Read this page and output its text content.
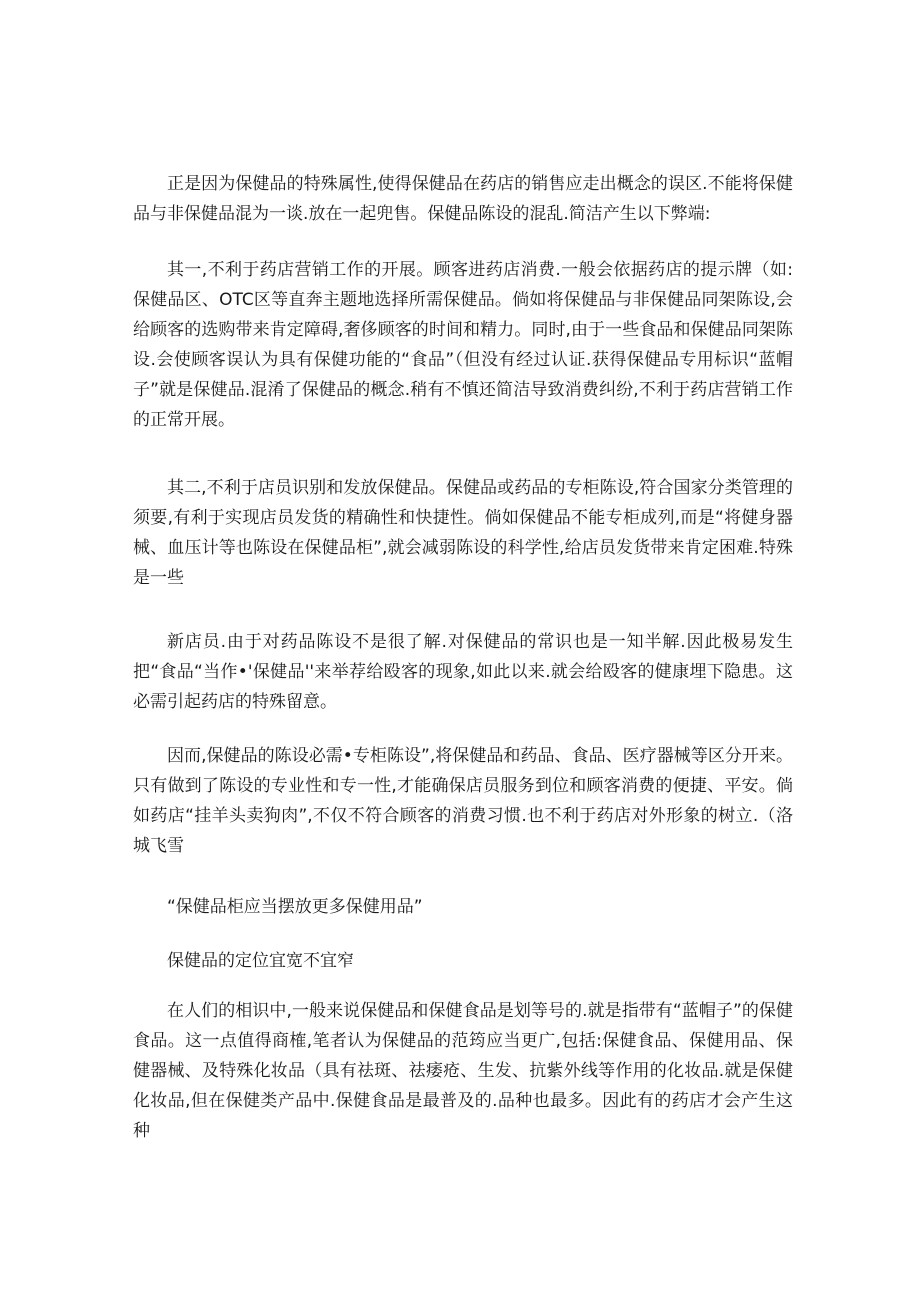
正是因为保健品的特殊属性,使得保健品在药店的销售应走出概念的误区.不能将保健品与非保健品混为一谈.放在一起兜售。保健品陈设的混乱.简洁产生以下弊端:

其一,不利于药店营销工作的开展。顾客进药店消费.一般会依据药店的提示牌（如:保健品区、OTC区等直奔主题地选择所需保健品。倘如将保健品与非保健品同架陈设,会给顾客的选购带来肯定障碍,奢侈顾客的时间和精力。同时,由于一些食品和保健品同架陈设.会使顾客误认为具有保健功能的“食品”（但没有经过认证.获得保健品专用标识“蓝帽子”就是保健品.混淆了保健品的概念.稍有不慎还简洁导致消费纠纷,不利于药店营销工作的正常开展。

其二,不利于店员识别和发放保健品。保健品或药品的专柜陈设,符合国家分类管理的须要,有利于实现店员发货的精确性和快捷性。倘如保健品不能专柜成列,而是“将健身器械、血压计等也陈设在保健品柜”,就会减弱陈设的科学性,给店员发货带来肯定困难.特殊是一些

新店员.由于对药品陈设不是很了解.对保健品的常识也是一知半解.因此极易发生把“食品“当作•'保健品''来举荐给殴客的现象,如此以来.就会给殴客的健康埋下隐患。这必需引起药店的特殊留意。

因而,保健品的陈设必需•专柜陈设”,将保健品和药品、食品、医疗器械等区分开来。只有做到了陈设的专业性和专一性,才能确保店员服务到位和顾客消费的便捷、平安。倘如药店“挂羊头卖狗肉”,不仅不符合顾客的消费习惯.也不利于药店对外形象的树立.（洛城飞雪

“保健品柜应当摆放更多保健用品”

保健品的定位宜宽不宜窄

在人们的相识中,一般来说保健品和保健食品是划等号的.就是指带有“蓝帽子”的保健食品。这一点值得商榷,笔者认为保健品的范筠应当更广,包括:保健食品、保健用品、保健器械、及特殊化妆品（具有祛斑、祛痿疮、生发、抗紫外线等作用的化妆品.就是保健化妆品,但在保健类产品中.保健食品是最普及的.品种也最多。因此有的药店才会产生这种
